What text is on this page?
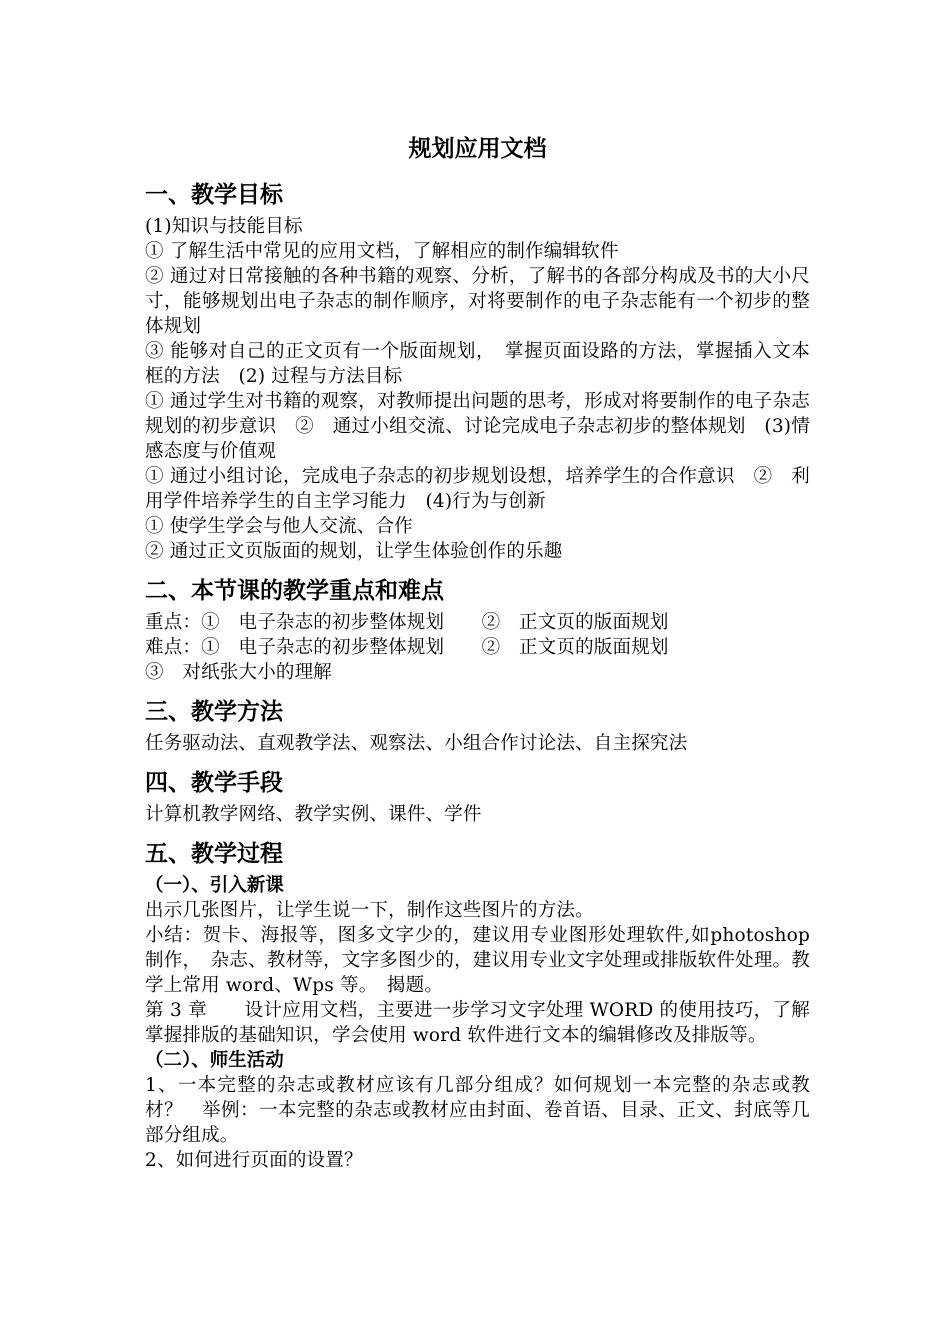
规划应用文档
一、教学目标

(1)知识与技能目标

① 了解生活中常见的应用文档，了解相应的制作编辑软件

② 通过对日常接触的各种书籍的观察、分析，了解书的各部分构成及书的大小尺寸，能够规划出电子杂志的制作顺序，对将要制作的电子杂志能有一个初步的整体规划

③ 能够对自己的正文页有一个版面规划，　掌握页面设路的方法，掌握插入文本框的方法　(2) 过程与方法目标

① 通过学生对书籍的观察，对教师提出问题的思考，形成对将要制作的电子杂志规划的初步意识　②　通过小组交流、讨论完成电子杂志初步的整体规划　(3)情感态度与价值观

① 通过小组讨论，完成电子杂志的初步规划设想，培养学生的合作意识　②　利用学件培养学生的自主学习能力　(4)行为与创新

① 使学生学会与他人交流、合作

② 通过正文页版面的规划，让学生体验创作的乐趣

二、本节课的教学重点和难点

重点：①　电子杂志的初步整体规划　　②　正文页的版面规划

难点：①　电子杂志的初步整体规划　　②　正文页的版面规划

③　对纸张大小的理解

三、教学方法

任务驱动法、直观教学法、观察法、小组合作讨论法、自主探究法

四、教学手段

计算机教学网络、教学实例、课件、学件

五、教学过程

（一）、引入新课

出示几张图片，让学生说一下，制作这些图片的方法。

小结：贺卡、海报等，图多文字少的，建议用专业图形处理软件,如photoshop 制作，　杂志、教材等，文字多图少的，建议用专业文字处理或排版软件处理。教学上常用 word、Wps 等。　揭题。

第 3 章　　设计应用文档，主要进一步学习文字处理 WORD 的使用技巧，了解掌握排版的基础知识，学会使用 word 软件进行文本的编辑修改及排版等。

（二）、师生活动

1、一本完整的杂志或教材应该有几部分组成？如何规划一本完整的杂志或教材？　举例：一本完整的杂志或教材应由封面、卷首语、目录、正文、封底等几部分组成。

2、如何进行页面的设置？
